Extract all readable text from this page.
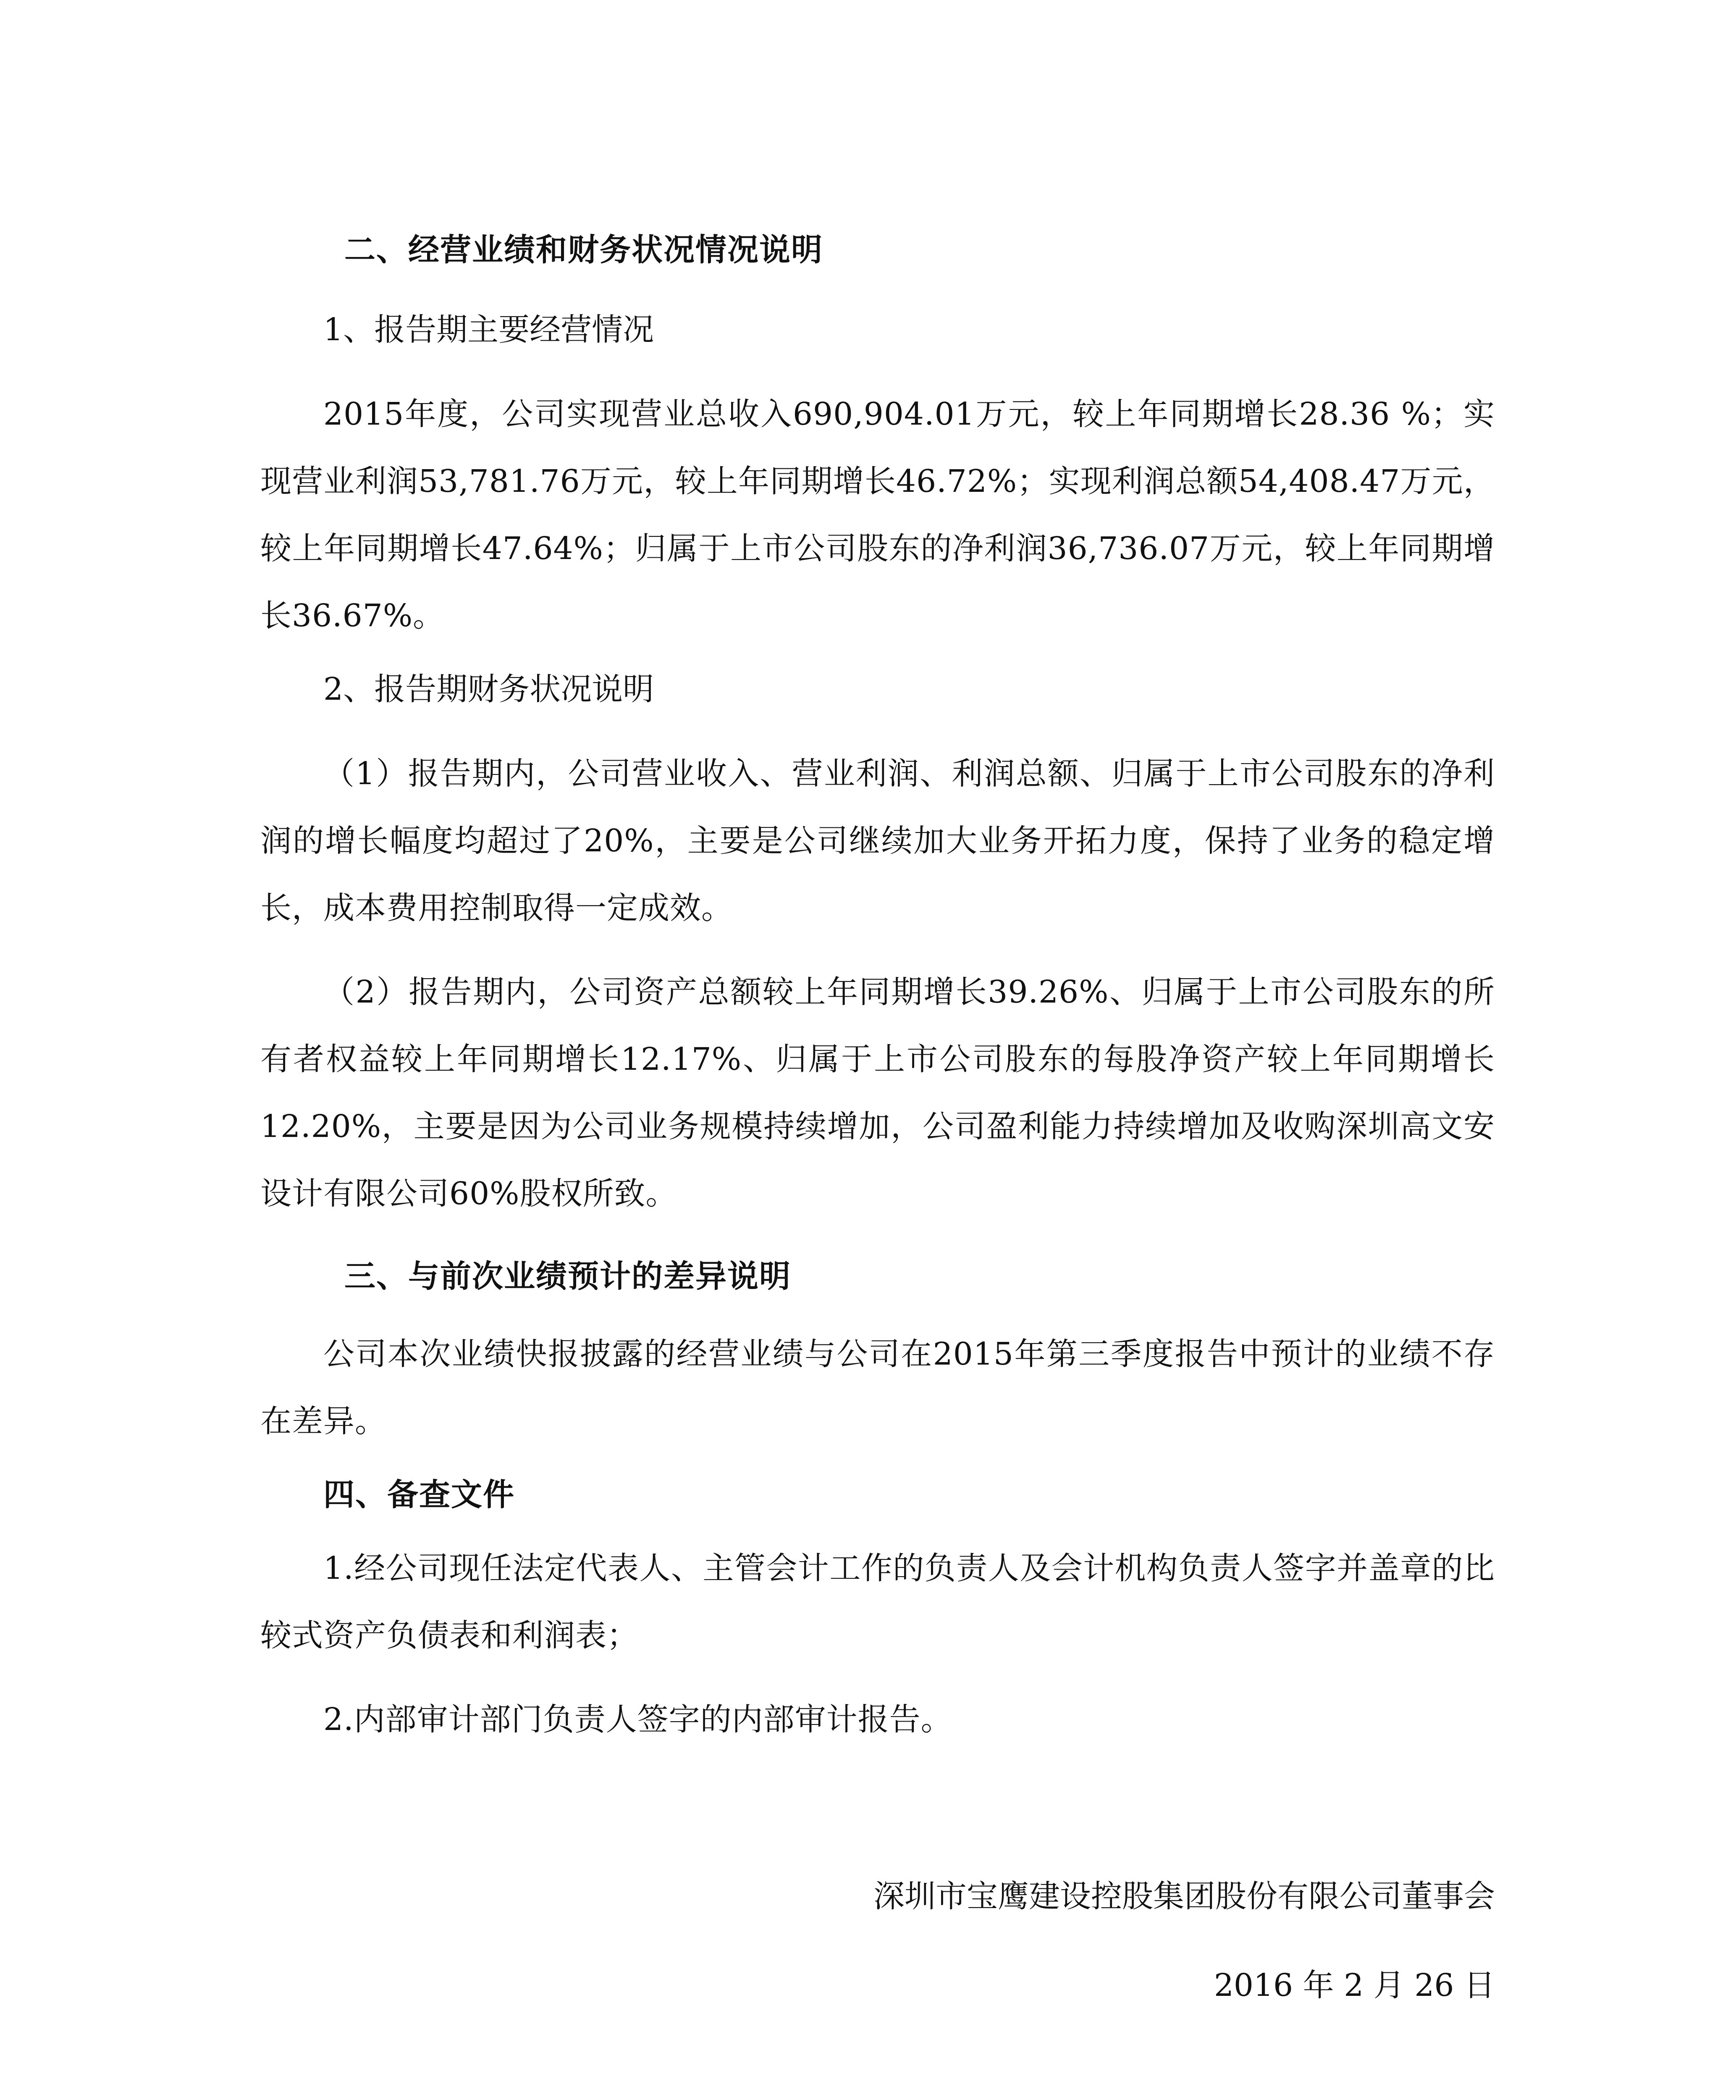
二、经营业绩和财务状况情况说明
1、报告期主要经营情况

2015年度，公司实现营业总收入690,904.01万元，较上年同期增长28.36 %；实现营业利润53,781.76万元，较上年同期增长46.72%；实现利润总额54,408.47万元，较上年同期增长47.64%；归属于上市公司股东的净利润36,736.07万元，较上年同期增长36.67%。

2、报告期财务状况说明

（1）报告期内，公司营业收入、营业利润、利润总额、归属于上市公司股东的净利润的增长幅度均超过了20%，主要是公司继续加大业务开拓力度，保持了业务的稳定增长，成本费用控制取得一定成效。

（2）报告期内，公司资产总额较上年同期增长39.26%、归属于上市公司股东的所有者权益较上年同期增长12.17%、归属于上市公司股东的每股净资产较上年同期增长12.20%，主要是因为公司业务规模持续增加，公司盈利能力持续增加及收购深圳高文安设计有限公司60%股权所致。

三、与前次业绩预计的差异说明

公司本次业绩快报披露的经营业绩与公司在2015年第三季度报告中预计的业绩不存在差异。

四、备查文件

1.经公司现任法定代表人、主管会计工作的负责人及会计机构负责人签字并盖章的比较式资产负债表和利润表；

2.内部审计部门负责人签字的内部审计报告。

深圳市宝鹰建设控股集团股份有限公司董事会
2016 年 2 月 26 日
